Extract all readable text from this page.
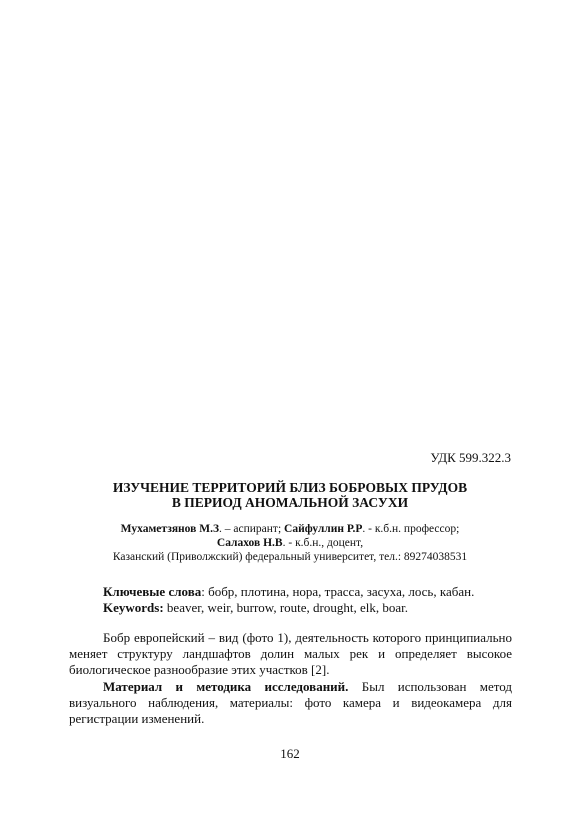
УДК 599.322.3

ИЗУЧЕНИЕ ТЕРРИТОРИЙ БЛИЗ БОБРОВЫХ ПРУДОВ
В ПЕРИОД АНОМАЛЬНОЙ ЗАСУХИ

Мухаметзянов М.З. – аспирант; Сайфуллин Р.Р. - к.б.н. профессор;

Салахов Н.В. - к.б.н., доцент,

Казанский (Приволжский) федеральный университет, тел.: 89274038531

Ключевые слова: бобр, плотина, нора, трасса, засуха, лось, кабан.

Keywords: beaver, weir, burrow, route, drought, elk, boar.

Бобр европейский – вид (фото 1), деятельность которого принципиально меняет структуру ландшафтов долин малых рек и определяет высокое биологическое разнообразие этих участков [2].

Материал и методика исследований. Был использован метод визуального наблюдения, материалы: фото камера и видеокамера для регистрации изменений.

162
